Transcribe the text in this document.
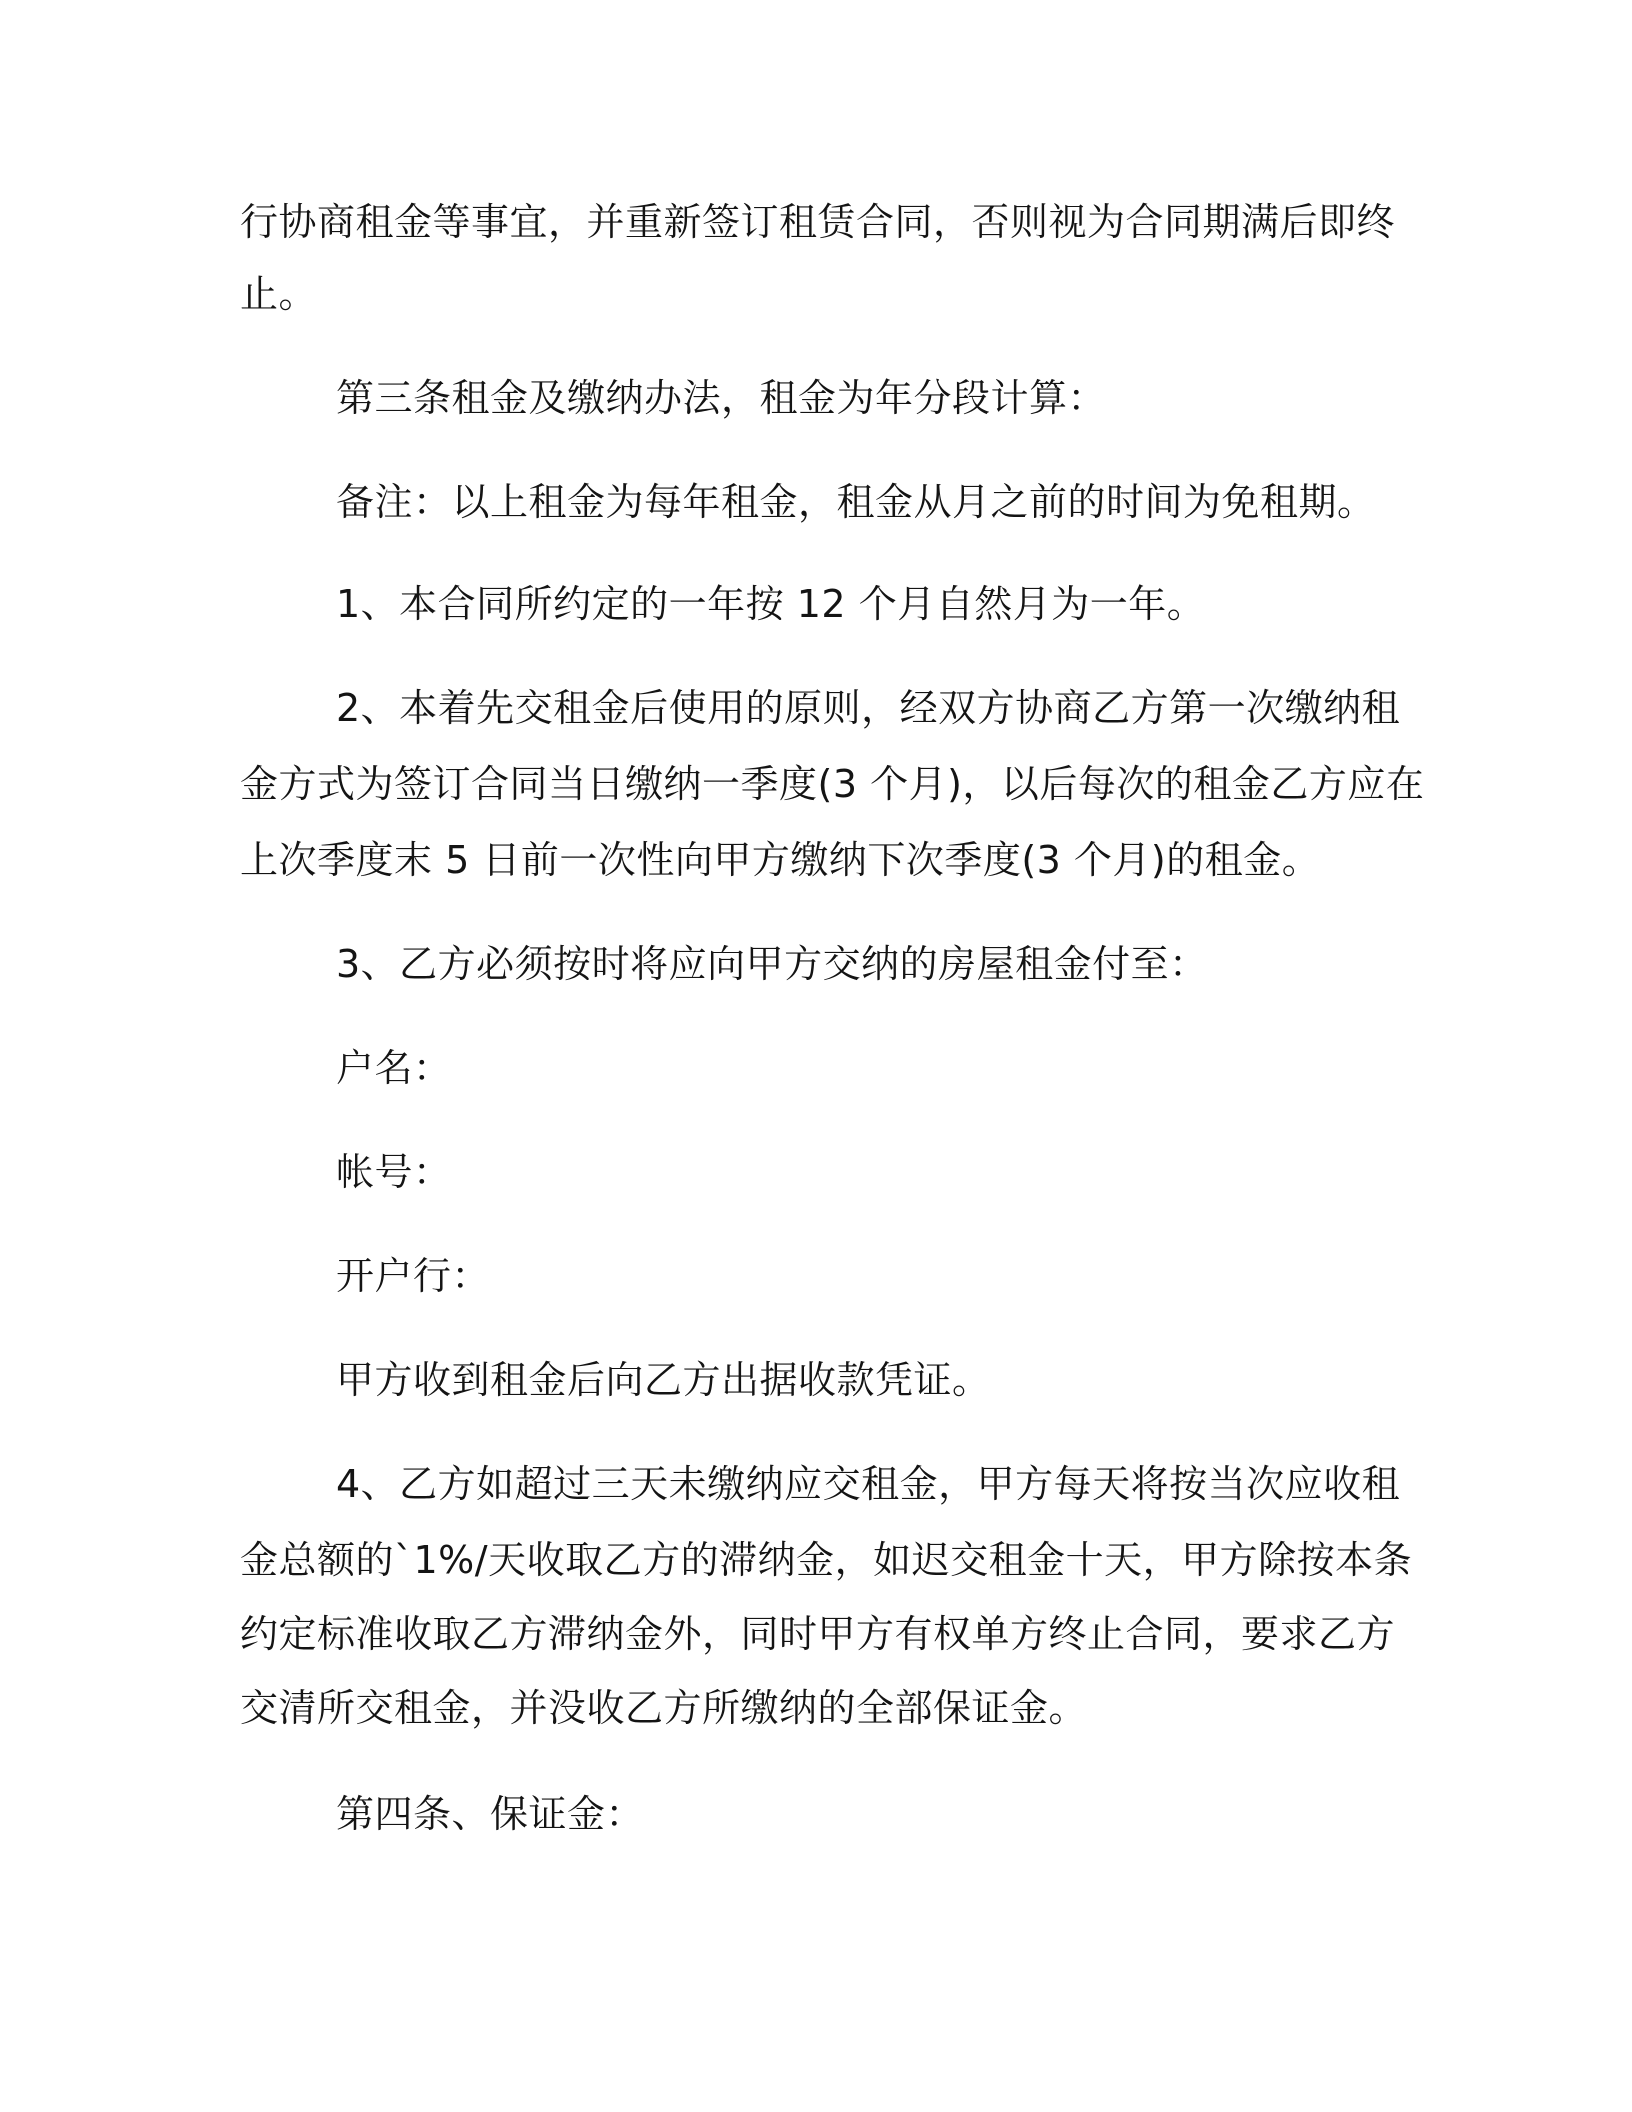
行协商租金等事宜，并重新签订租赁合同，否则视为合同期满后即终
止。
第三条租金及缴纳办法，租金为年分段计算：
备注：以上租金为每年租金，租金从月之前的时间为免租期。
1、本合同所约定的一年按 12 个月自然月为一年。
2、本着先交租金后使用的原则，经双方协商乙方第一次缴纳租
金方式为签订合同当日缴纳一季度(3 个月)，以后每次的租金乙方应在
上次季度末 5 日前一次性向甲方缴纳下次季度(3 个月)的租金。
3、乙方必须按时将应向甲方交纳的房屋租金付至：
户名：
帐号：
开户行：
甲方收到租金后向乙方出据收款凭证。
4、乙方如超过三天未缴纳应交租金，甲方每天将按当次应收租
金总额的`1%/天收取乙方的滞纳金，如迟交租金十天，甲方除按本条
约定标准收取乙方滞纳金外，同时甲方有权单方终止合同，要求乙方
交清所交租金，并没收乙方所缴纳的全部保证金。
第四条、保证金：
